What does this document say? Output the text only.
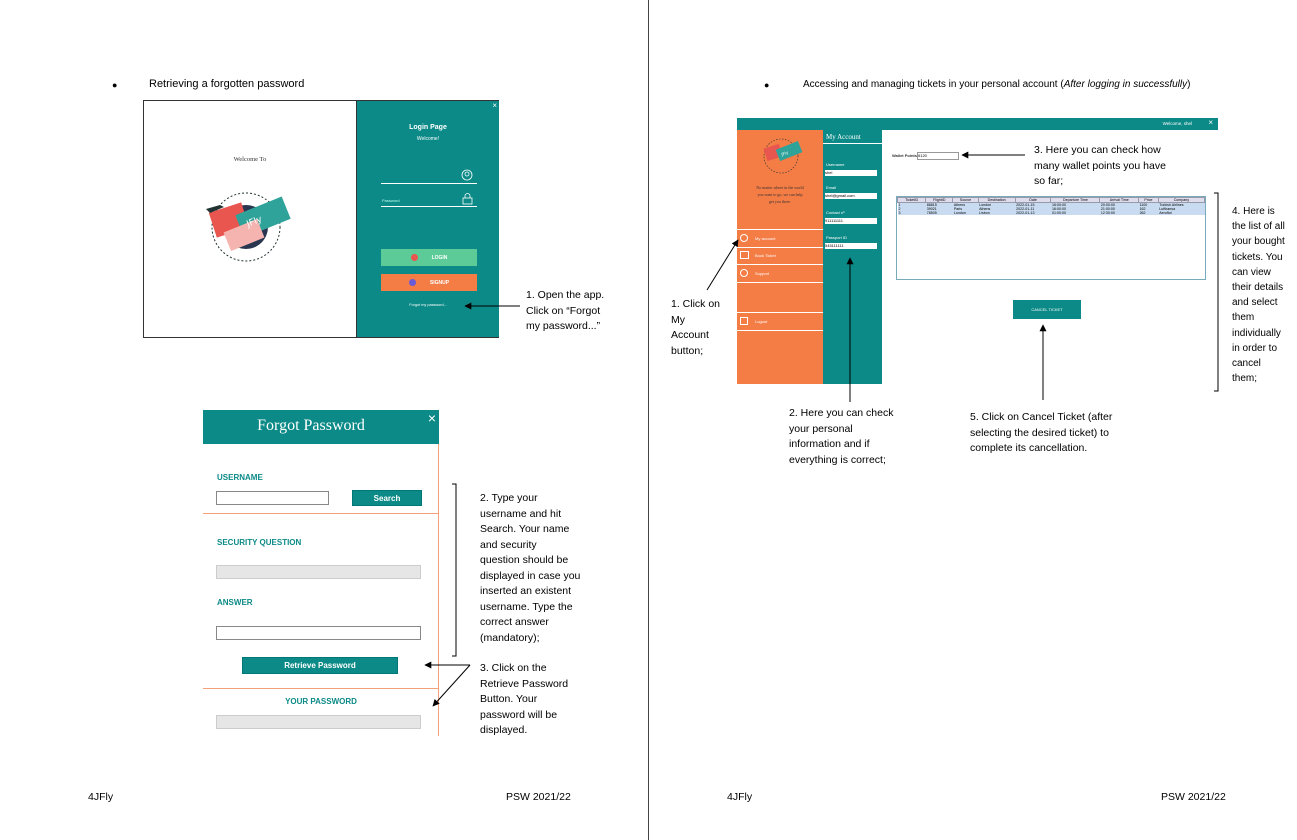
●	Retrieving a forgotten password
Welcome To
JFly
×
Login Page
Welcome!
Password
LOGIN
SIGNUP
Forgot my password...
1. Open the app.
Click on “Forgot
my password...”
Forgot Password	×
USERNAME
Search
SECURITY QUESTION
ANSWER
Retrieve Password
YOUR PASSWORD
2. Type your
username and hit
Search. Your name
and security
question should be
displayed in case you
inserted an existent
username. Type the
correct answer
(mandatory);
3. Click on the
Retrieve Password
Button. Your
password will be
displayed.
4JFly	PSW 2021/22
●	Accessing and managing tickets in your personal account (After logging in successfully)
Welcome, shel ×
JFly
No matter where in the world
you want to go, we can help
get you there.
My account
Book Ticket
Support
Logout
My Account
Username
shel
Email
shel@gmail.com
Contact nº
911111111
Passport ID
545111111
Wallet Points 5120
TicketID	FlightID	Source	Destination	Date	Departure Time	Arrival Time	Price	Company
1	88815	Athens	London	2022-01-15	16:00:00	20:00:00	1100	Turkish Airlines
2	39021	Paris	Athens	2022-01-11	16:00:00	21:00:00	162	Lufthansa
3	78505	London	Lisbon	2022-01-13	01:00:00	12:30:00	262	Aeroflot
CANCEL TICKET
3. Here you can check how
many wallet points you have
so far;
1. Click on
My
Account
button;
4. Here is
the list of all
your bought
tickets. You
can view
their details
and select
them
individually
in order to
cancel
them;
2. Here you can check
your personal
information and if
everything is correct;
5. Click on Cancel Ticket (after
selecting the desired ticket) to
complete its cancellation.
4JFly	PSW 2021/22
